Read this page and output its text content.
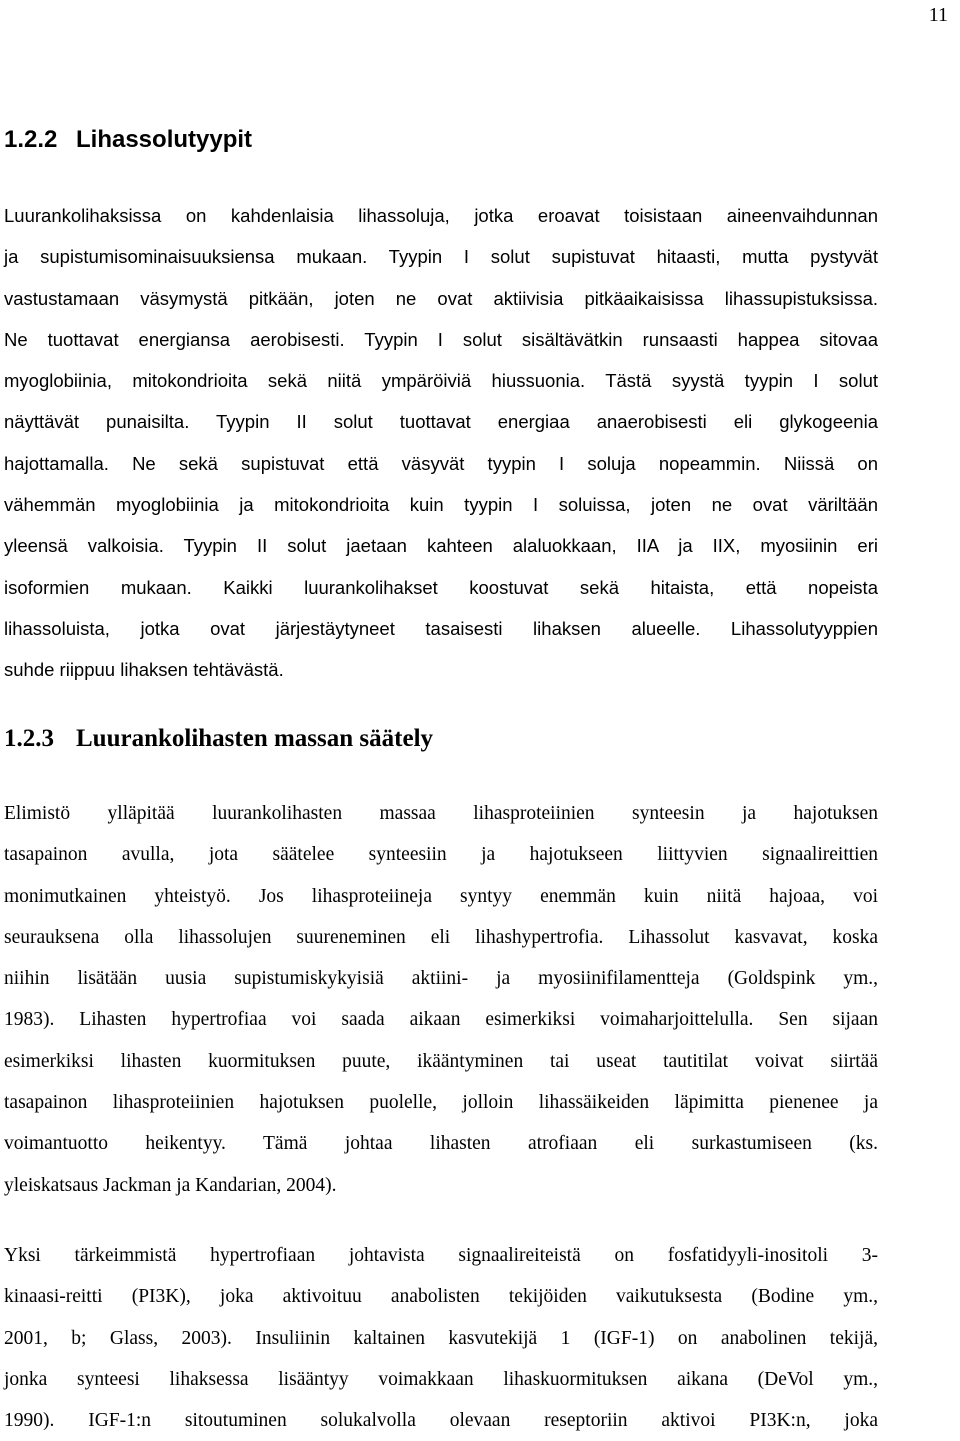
11
1.2.2 Lihassolutyypit

Luurankolihaksissa on kahdenlaisia lihassoluja, jotka eroavat toisistaan aineenvaihdunnan
ja supistumisominaisuuksiensa mukaan. Tyypin I solut supistuvat hitaasti, mutta pystyvät
vastustamaan väsymystä pitkään, joten ne ovat aktiivisia pitkäaikaisissa lihassupistuksissa.
Ne tuottavat energiansa aerobisesti. Tyypin I solut sisältävätkin runsaasti happea sitovaa
myoglobiinia, mitokondrioita sekä niitä ympäröiviä hiussuonia. Tästä syystä tyypin I solut
näyttävät punaisilta. Tyypin II solut tuottavat energiaa anaerobisesti eli glykogeenia
hajottamalla. Ne sekä supistuvat että väsyvät tyypin I soluja nopeammin. Niissä on
vähemmän myoglobiinia ja mitokondrioita kuin tyypin I soluissa, joten ne ovat väriltään
yleensä valkoisia. Tyypin II solut jaetaan kahteen alaluokkaan, IIA ja IIX, myosiinin eri
isoformien mukaan. Kaikki luurankolihakset koostuvat sekä hitaista, että nopeista
lihassoluista, jotka ovat järjestäytyneet tasaisesti lihaksen alueelle. Lihassolutyyppien
suhde riippuu lihaksen tehtävästä.

1.2.3 Luurankolihasten massan säätely

Elimistö ylläpitää luurankolihasten massaa lihasproteiinien synteesin ja hajotuksen
tasapainon avulla, jota säätelee synteesiin ja hajotukseen liittyvien signaalireittien
monimutkainen yhteistyö. Jos lihasproteiineja syntyy enemmän kuin niitä hajoaa, voi
seurauksena olla lihassolujen suureneminen eli lihashypertrofia. Lihassolut kasvavat, koska
niihin lisätään uusia supistumiskykyisiä aktiini- ja myosiinifilamentteja (Goldspink ym.,
1983). Lihasten hypertrofiaa voi saada aikaan esimerkiksi voimaharjoittelulla. Sen sijaan
esimerkiksi lihasten kuormituksen puute, ikääntyminen tai useat tautitilat voivat siirtää
tasapainon lihasproteiinien hajotuksen puolelle, jolloin lihassäikeiden läpimitta pienenee ja
voimantuotto heikentyy. Tämä johtaa lihasten atrofiaan eli surkastumiseen (ks.
yleiskatsaus Jackman ja Kandarian, 2004).

Yksi tärkeimmistä hypertrofiaan johtavista signaalireiteistä on fosfatidyyli-inositoli 3-
kinaasi-reitti (PI3K), joka aktivoituu anabolisten tekijöiden vaikutuksesta (Bodine ym.,
2001, b; Glass, 2003). Insuliinin kaltainen kasvutekijä 1 (IGF-1) on anabolinen tekijä,
jonka synteesi lihaksessa lisääntyy voimakkaan lihaskuormituksen aikana (DeVol ym.,
1990). IGF-1:n sitoutuminen solukalvolla olevaan reseptoriin aktivoi PI3K:n, joka
